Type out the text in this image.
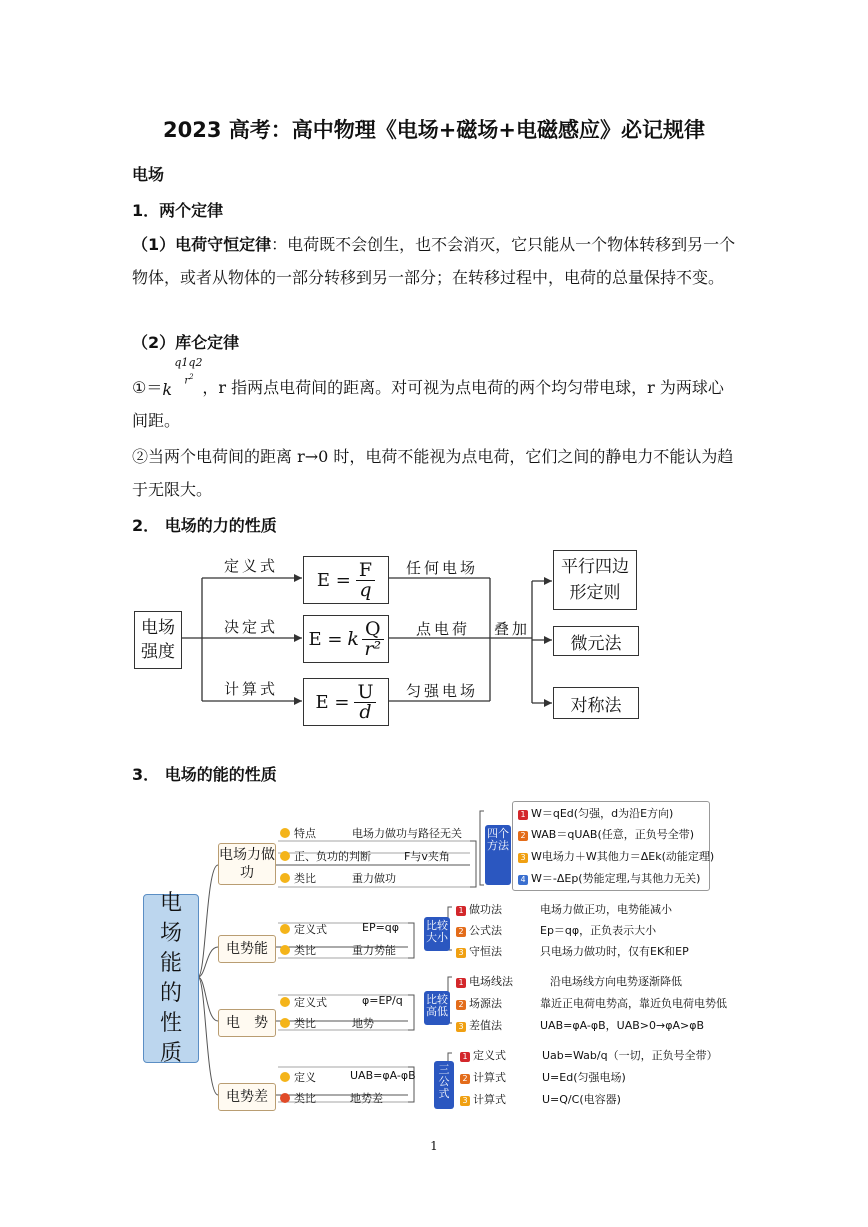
2023 高考：高中物理《电场+磁场+电磁感应》必记规律
电场
1．两个定律
（1）电荷守恒定律：电荷既不会创生，也不会消灭，它只能从一个物体转移到另一个物体，或者从物体的一部分转移到另一部分；在转移过程中，电荷的总量保持不变。
（2）库仑定律
①＝ k
q1q2
$r^2$
，r 指两点电荷间的距离。对可视为点电荷的两个均匀带电球，r 为两球心间距。
②当两个电荷间的距离 r→0 时，电荷不能视为点电荷，它们之间的静电力不能认为趋于无限大。
2． 电场的力的性质
电场
强度
定义式
决定式
计算式
$E = \frac{F}{q}$
E = k Q
r²
$E = \frac{U}{d}$
任何电场
点电荷
匀强电场
叠加
平行四边形定则
微元法
对称法
3． 电场的能的性质
电
场
能
的
性
质
电场力做功
特点	电场力做功与路径无关
正、负功的判断	F与v夹角
类比	重力做功
四个方法
1 W＝qEd(匀强，d为沿E方向)
2 WAB＝qUAB(任意，正负号全带)
3 W电场力＋W其他力＝ΔEk(动能定理)
4 W＝-ΔEp(势能定理,与其他力无关)
电势能
定义式	EP=qφ
类比	重力势能
比较大小
1 做功法	电场力做正功，电势能减小
2 公式法	Ep＝qφ，正负表示大小
3 守恒法	只电场力做功时，仅有EK和EP
电　势
定义式	φ=EP/q
类比	地势
比较高低
1 电场线法	沿电场线方向电势逐渐降低
2 场源法	靠近正电荷电势高，靠近负电荷电势低
3 差值法	UAB=φA-φB，UAB>0→φA>φB
电势差
定义	UAB=φA-φB
类比	地势差
三公式
1 定义式	Uab=Wab/q（一切，正负号全带）
2 计算式	U=Ed(匀强电场)
3 计算式	U=Q/C(电容器)
1
